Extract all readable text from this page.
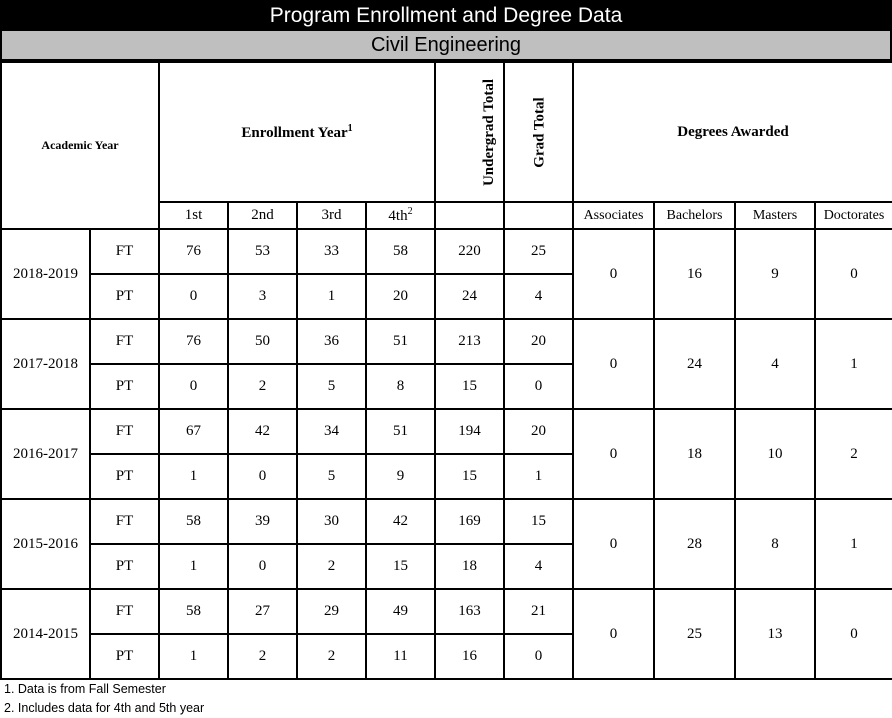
Program Enrollment and Degree Data
Civil Engineering
Academic Year		Enrollment Year$^1$				Undergrad Total	Grad Total	Degrees Awarded			
		1st	2nd	3rd	$4th^2$			Associates	Bachelors	Masters	Doctorates
2018-2019	FT	76	53	33	58	220	25	0	16	9	0
	PT	0	3	1	20	24	4				
2017-2018	FT	76	50	36	51	213	20	0	24	4	1
	PT	0	2	5	8	15	0				
2016-2017	FT	67	42	34	51	194	20	0	18	10	2
	PT	1	0	5	9	15	1				
2015-2016	FT	58	39	30	42	169	15	0	28	8	1
	PT	1	0	2	15	18	4				
2014-2015	FT	58	27	29	49	163	21	0	25	13	0
	PT	1	2	2	11	16	0				
1. Data is from Fall Semester
2. Includes data for 4th and 5th year
